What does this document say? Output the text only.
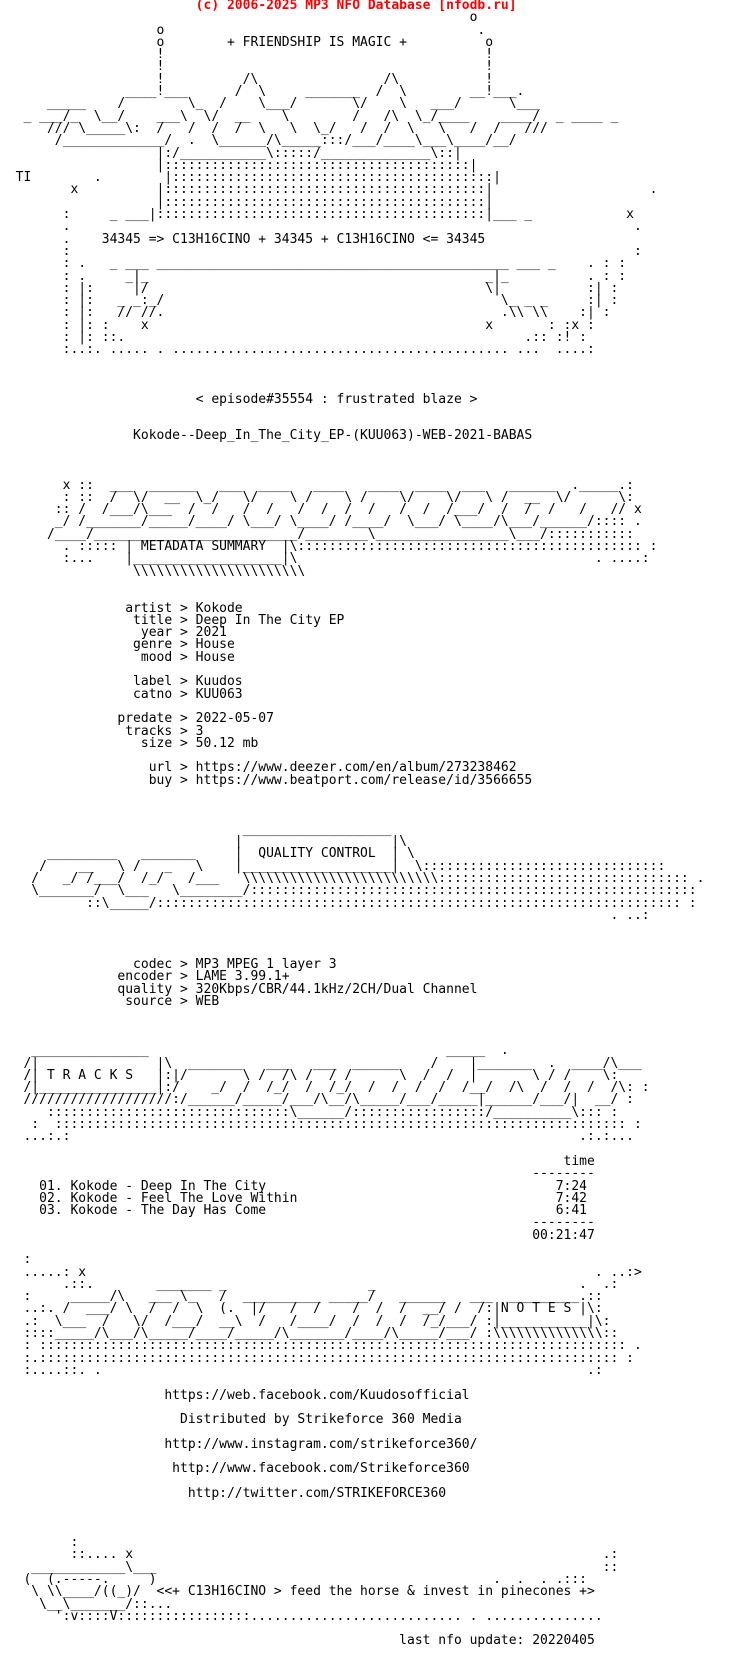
(c) 2006-2025 MP3 NFO Database [nfodb.ru]
o
o                                        .
o        + FRIENDSHIP IS MAGIC +          o
!                                         !
!                                         !
!          /\                /\           !
____!___      /  \     _______  /  \        __!___.
_____    /        \_  /    \___/       \/    \   ___/      \___
_ ___/_  \__/    ___\  \/  __    \        /   /\  \_/____    ____/  _ ____ _
/// \_____\:  /   /  /  /  \   \  \_/   /  /  \   \   /  /   ///
/_____________/  .  \______/\_____:::/___/____\___\____/__/
|:/___________\:::::/______________\::|
|:::::::::::::::::::::::::::::::::::::::|
TI        .        |:::::::::::::::::::::::::::::::::::::::::|
x          |:::::::::::::::::::::::::::::::::::::::::|                    .
|:::::::::::::::::::::::::::::::::::::::::|
:     _ ___|::::::::::::::::::::::::::::::::::::::::::|___ _            x
.                                                                        .
.    34345 => C13H16CINO + 34345 + C13H16CINO <= 34345
:                                                                        :
: .   _ ___ _____________________________________________ ___ _    . : :
: .     _|_                                           _|_          . : :
: |:     |/                                           \|           :| :
: |:   _ _:_/                                           \_ _ _     :| :
: |:   // //.                                           .\\ \\    :| :
: |: :    x                                           x       : :x :
: |: ::.                                                   .:: :! :
:..:. ..... . ........................................... ...  ....:
< episode#35554 : frustrated blaze >
Kokode--Deep_In_The_City_EP-(KUU063)-WEB-2021-BABAS
x ::  ___  ______   ___  ____   ____   ____  ____  ___   ______  ._____.:
: ::  /  \/  __  \_/   \/    \ /    \ /    \/    \/   \ /  __  \/      \:
:: /  /___/\___  /  /   /  /   /  /  /  /   /  /  /___/  /  /  /   /   // x
_/ /_______/_____/____/ \___/ \____/ /____/  \___/ \____/\___/______/:::: .
/____/__________________________/________\_________________\___/:::::::::::
. ::::: | METADATA SUMMARY  |\:::::::::::::::::::::::::::::::::::::::::::: :
:...    |___________________|\                                      . ....:
\\\\\\\\\\\\\\\\\\\\\\
artist > Kokode
title > Deep In The City EP
year > 2021
genre > House
mood > House
label > Kuudos
catno > KUU063
predate > 2022-05-07
tracks > 3
size > 50.12 mb
url > https://www.deezer.com/en/album/273238462
buy > https://www.beatport.com/release/id/3566655
___________________
|                   |\
_________   _______     |  QUALITY CONTROL  | \
/    __   \ /   _   \    |___________________|  \:::::::::::::::::::::::::::::::
/   _/ /___/  /_/   /___   \\\\\\\\\\\\\\\\\\\\\\\\\:::::::::::::::::::::::::::::::: .
\_______/  \___   \________/:::::::::::::::::::::::::::::::::::::::::::::::::::::::::
::\_____/::::::::::::::::::::::::::::::::::::::::::::::::::::::::::::::::::: :
. ..:
codec > MP3 MPEG 1 layer 3
encoder > LAME 3.99.1+
quality > 320Kbps/CBR/44.1kHz/2CH/Dual Channel
source > WEB
_______________                                      _____  .
/|               |\  _______   ___   ___  ______    /    |_______  .  ____/\___
/| T R A C K S   |:|/       \ /  /\ /  / /      \  /  /  |       \ / /    \:
/|_______________|:/    _/  /  /_/  /  /_/  /  /  /  /  /__/  /\  /  /  /  /\: :
///////////////////:/______/_____/___/\__/\_____/___/_____|______/___/|  __/ :
:::::::::::::::::::::::::::::::\______/:::::::::::::::::/__________\::: :
:  ::::::::::::::::::::::::::::::::::::::::::::::::::::::::::::::::::::::::: :
...:.:                                                                 .:.:...
time
--------
01. Kokode - Deep In The City                                     7:24
02. Kokode - Feel The Love Within                                 7:42
03. Kokode - The Day Has Come                                     6:41
--------
00:21:47
:
.....: x                                                                 . ..:>
.::.        _______ _                  _                          .  .:
:     _____/\   ___ \_   /  __________ _____/   ______   ___  _________.::
..:. /  ___/ \  /  /  \  (.  |/   /  /    /  /  /  __/ /  /:|N O T E S |\:
.:  \___  /   \/  /___/  __\  /   /____/  /  /  /  /_/___/ :|___________|\:
::::_____/\___/\_____/____/_____/\_______/____/\_____/___/ :\\\\\\\\\\\\\\::
: ::::::::::::::::::::::::::::::::::::::::::::::::::::::::::::::::::::::::::: .
:.:::::::::::::::::::::::::::::::::::::::::::::::::::::::::::::::::::::::::: :
:....::. .                                                              .:
https://web.facebook.com/Kuudosofficial
Distributed by Strikeforce 360 Media
http://www.instagram.com/strikeforce360/
http://www.facebook.com/Strikeforce360
http://twitter.com/STRIKEFORCE360
:
::.... x                                                            .:
____________\___                                                         ::
(  (.-----.     )                                           .  .  . .:::
\ \\____/((_)/  <<+ C13H16CINO > feed the horse & invest in pinecones +>
\__\_______/::...
':v::::V:::::::::::::::::........................... . ...............
last nfo update: 20220405
